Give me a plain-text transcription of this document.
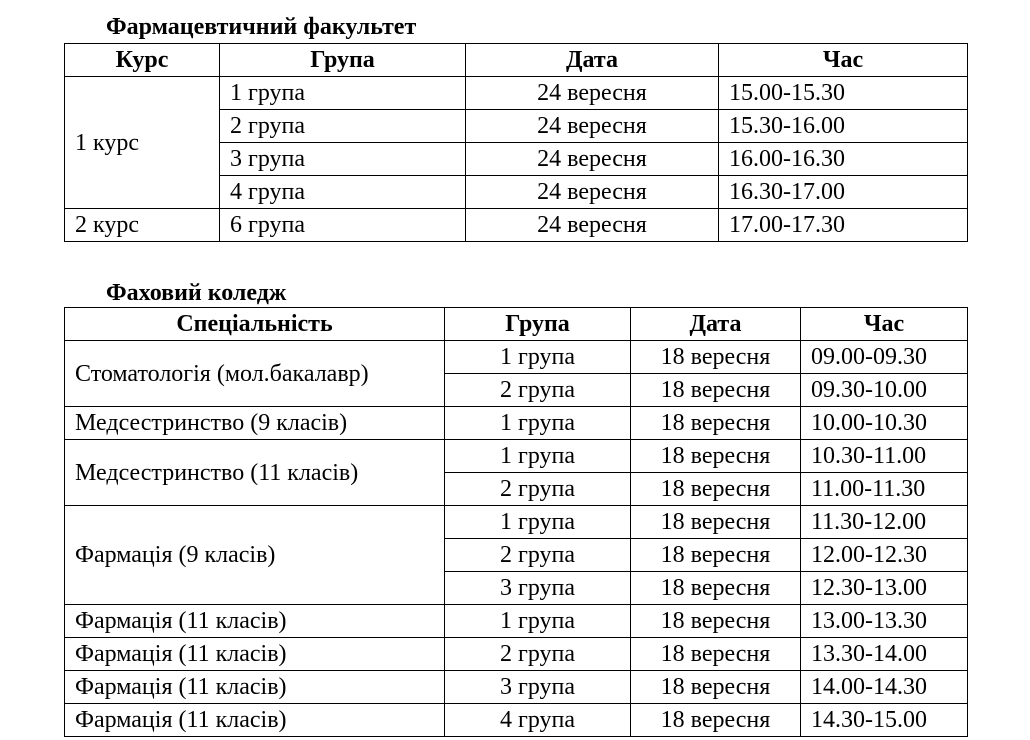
Фармацевтичний факультет
Курс	Група	Дата	Час
1 курс	1 група	24 вересня	15.00-15.30
	2 група	24 вересня	15.30-16.00
	3 група	24 вересня	16.00-16.30
	4 група	24 вересня	16.30-17.00
2 курс	6 група	24 вересня	17.00-17.30
Фаховий коледж
Спеціальність	Група	Дата	Час
Стоматологія (мол.бакалавр)	1 група	18 вересня	09.00-09.30
	2 група	18 вересня	09.30-10.00
Медсестринство (9 класів)	1 група	18 вересня	10.00-10.30
Медсестринство (11 класів)	1 група	18 вересня	10.30-11.00
	2 група	18 вересня	11.00-11.30
Фармація (9 класів)	1 група	18 вересня	11.30-12.00
	2 група	18 вересня	12.00-12.30
	3 група	18 вересня	12.30-13.00
Фармація (11 класів)	1 група	18 вересня	13.00-13.30
Фармація (11 класів)	2 група	18 вересня	13.30-14.00
Фармація (11 класів)	3 група	18 вересня	14.00-14.30
Фармація (11 класів)	4 група	18 вересня	14.30-15.00
